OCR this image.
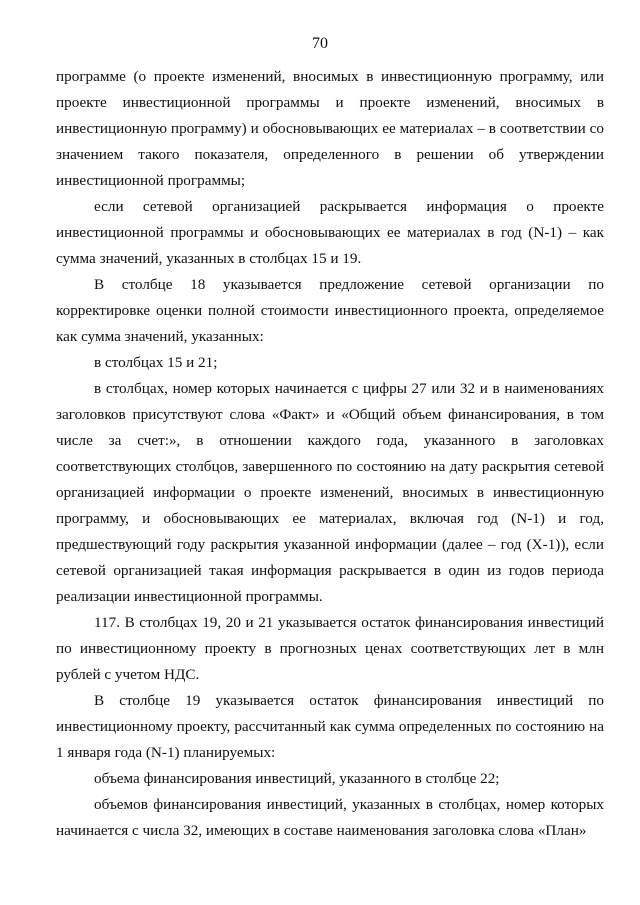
70

программе (о проекте изменений, вносимых в инвестиционную программу, или проекте инвестиционной программы и проекте изменений, вносимых в инвестиционную программу) и обосновывающих ее материалах – в соответствии со значением такого показателя, определенного в решении об утверждении инвестиционной программы;

если сетевой организацией раскрывается информация о проекте инвестиционной программы и обосновывающих ее материалах в год (N-1) – как сумма значений, указанных в столбцах 15 и 19.

В столбце 18 указывается предложение сетевой организации по корректировке оценки полной стоимости инвестиционного проекта, определяемое как сумма значений, указанных:

в столбцах 15 и 21;

в столбцах, номер которых начинается с цифры 27 или 32 и в наименованиях заголовков присутствуют слова «Факт» и «Общий объем финансирования, в том числе за счет:», в отношении каждого года, указанного в заголовках соответствующих столбцов, завершенного по состоянию на дату раскрытия сетевой организацией информации о проекте изменений, вносимых в инвестиционную программу, и обосновывающих ее материалах, включая год (N-1) и год, предшествующий году раскрытия указанной информации (далее – год (X-1)), если сетевой организацией такая информация раскрывается в один из годов периода реализации инвестиционной программы.

117. В столбцах 19, 20 и 21 указывается остаток финансирования инвестиций по инвестиционному проекту в прогнозных ценах соответствующих лет в млн рублей с учетом НДС.

В столбце 19 указывается остаток финансирования инвестиций по инвестиционному проекту, рассчитанный как сумма определенных по состоянию на 1 января года (N-1) планируемых:

объема финансирования инвестиций, указанного в столбце 22;

объемов финансирования инвестиций, указанных в столбцах, номер которых начинается с числа 32, имеющих в составе наименования заголовка слова «План»
